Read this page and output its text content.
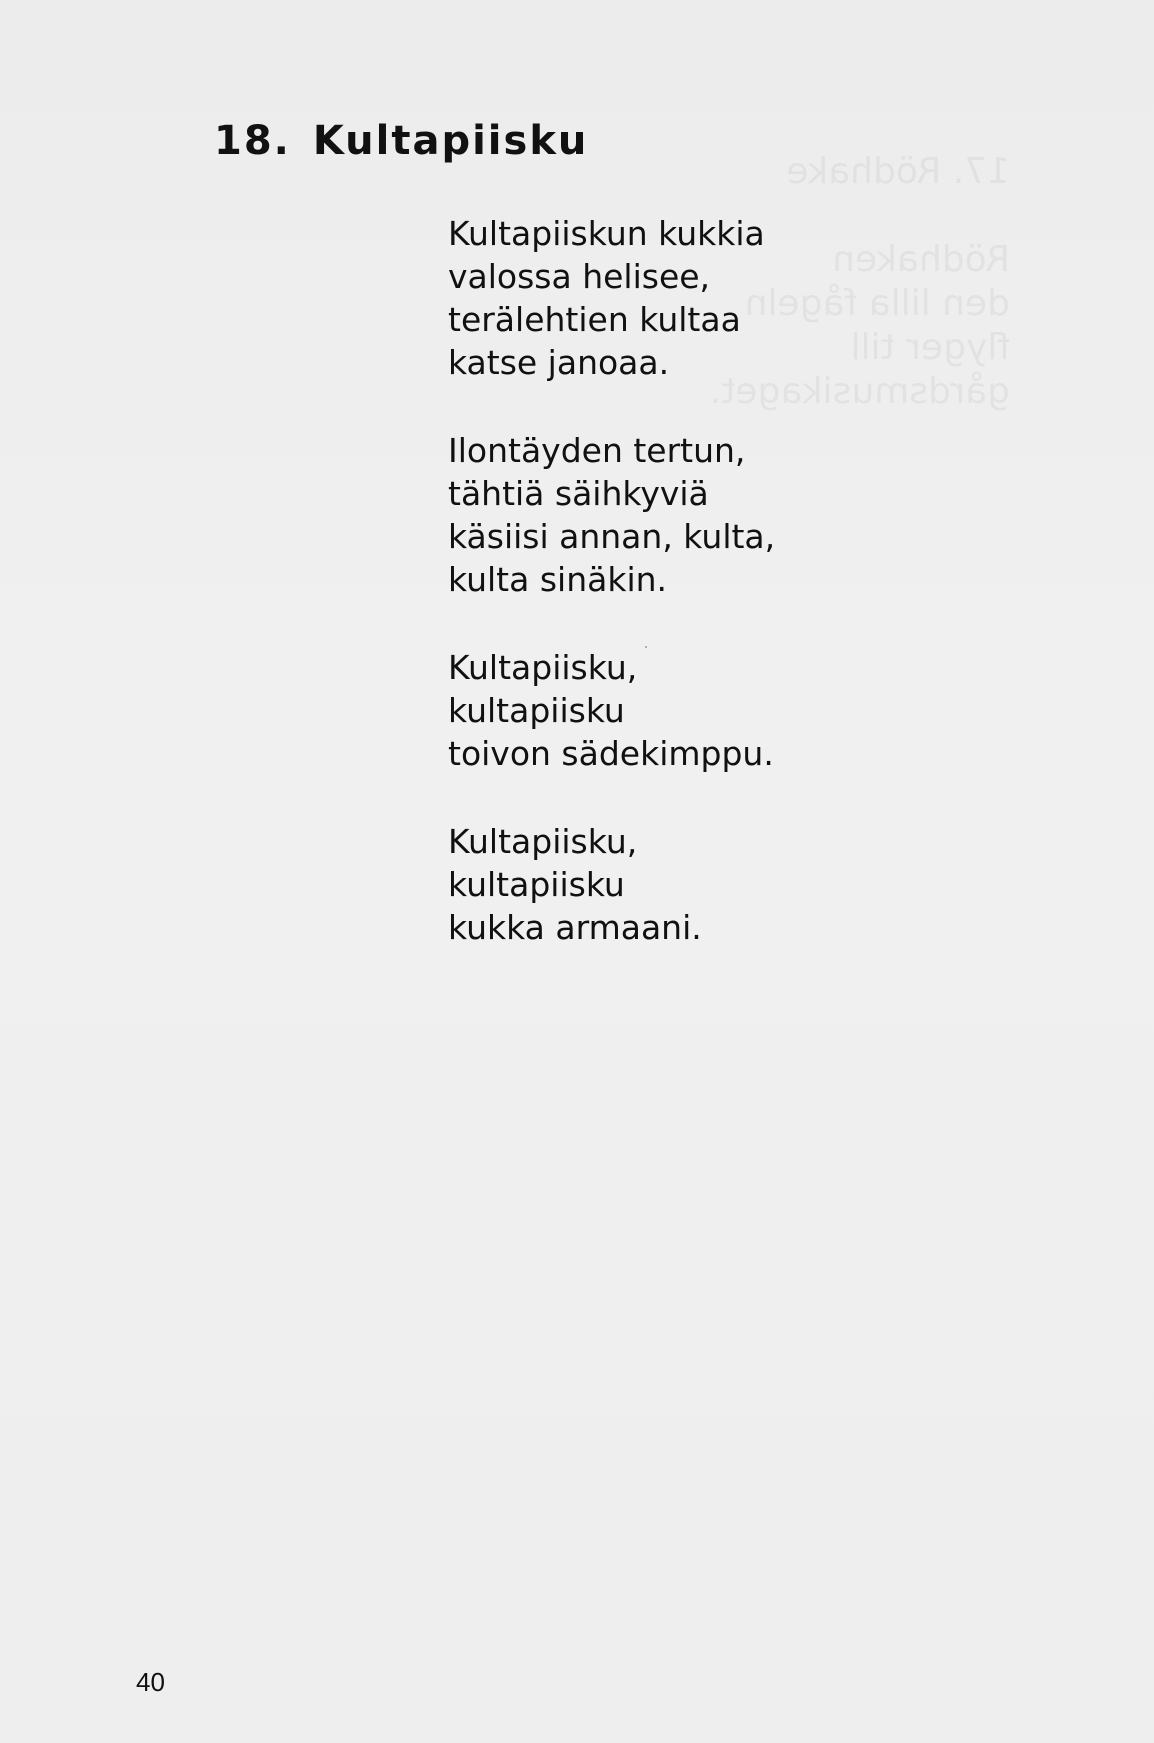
18. Kultapiisku

Kultapiiskun kukkia
valossa helisee,
terälehtien kultaa
katse janoaa.

Ilontäyden tertun,
tähtiä säihkyviä
käsiisi annan, kulta,
kulta sinäkin.

Kultapiisku,
kultapiisku
toivon sädekimppu.

Kultapiisku,
kultapiisku
kukka armaani.

40
